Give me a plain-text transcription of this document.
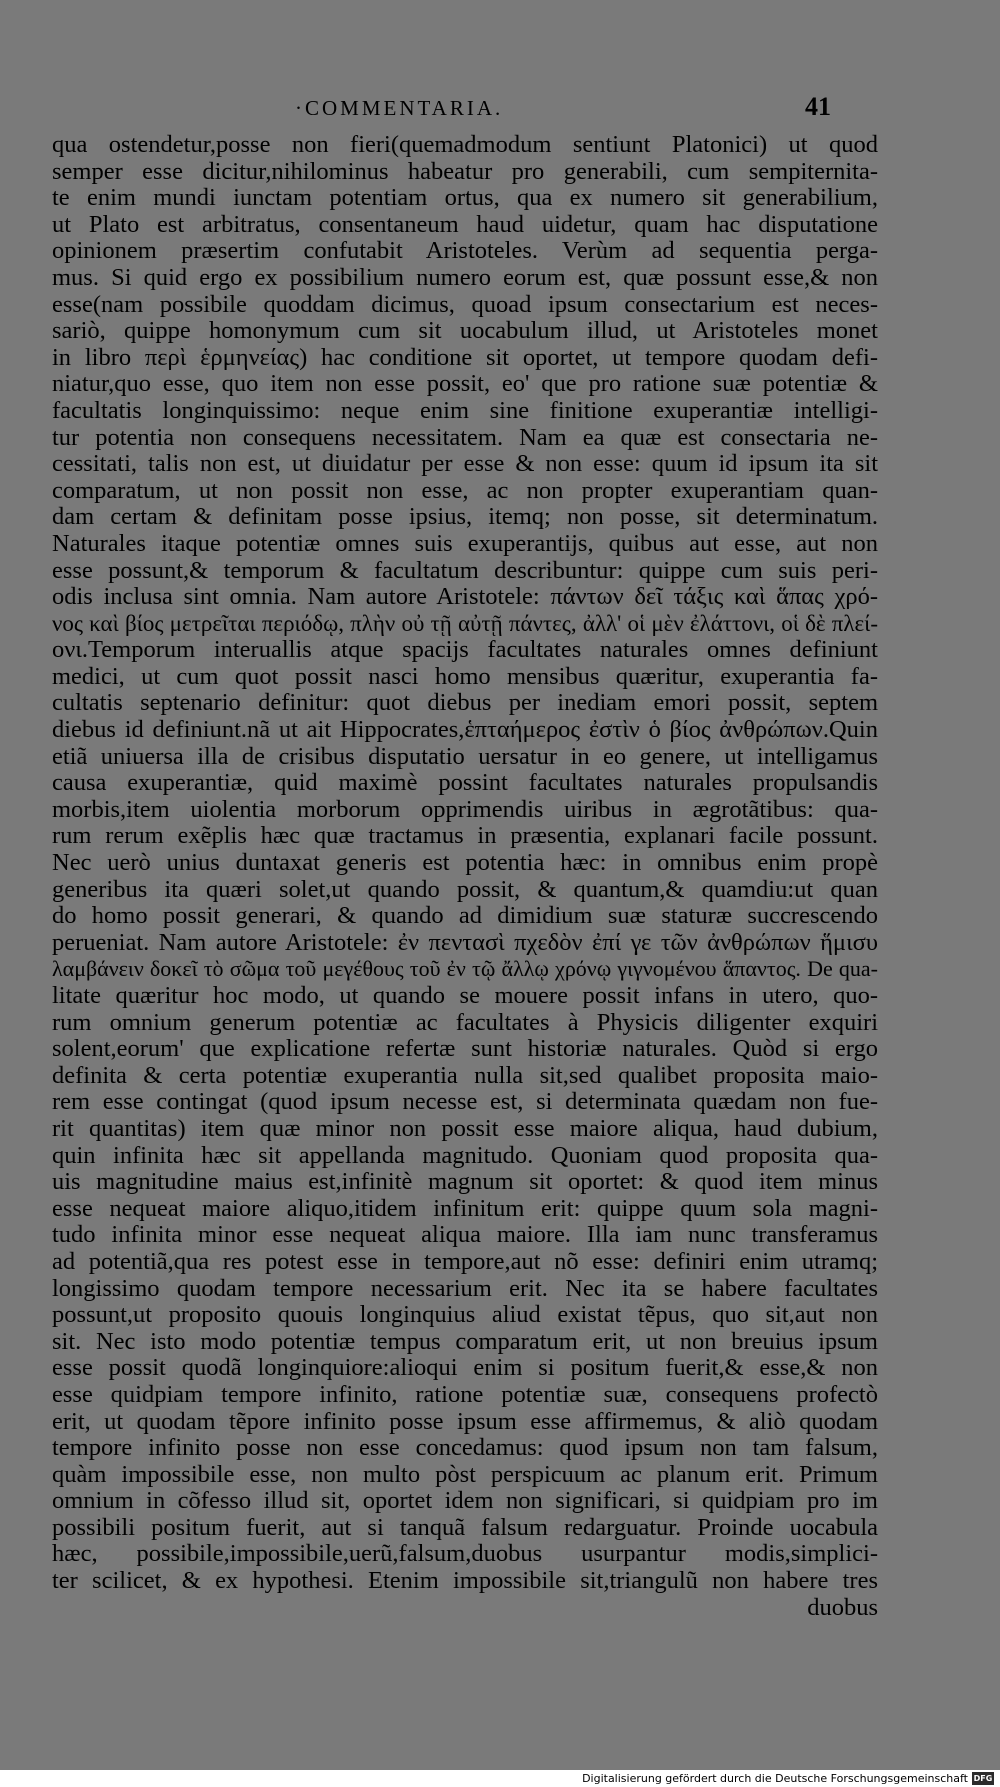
·COMMENTARIA.	41
qua ostendetur,posse non fieri(quemadmodum sentiunt Platonici) ut quod
semper esse dicitur,nihilominus habeatur pro generabili, cum sempiternita-
te enim mundi iunctam potentiam ortus, qua ex numero sit generabilium,
ut Plato est arbitratus, consentaneum haud uidetur, quam hac disputatione
opinionem præsertim confutabit Aristoteles. Verùm ad sequentia perga-
mus. Si quid ergo ex possibilium numero eorum est, quæ possunt esse,& non
esse(nam possibile quoddam dicimus, quoad ipsum consectarium est neces-
sariò, quippe homonymum cum sit uocabulum illud, ut Aristoteles monet
in libro περὶ ἑρμηνείας) hac conditione sit oportet, ut tempore quodam defi-
niatur,quo esse, quo item non esse possit, eo' que pro ratione suæ potentiæ &
facultatis longinquissimo: neque enim sine finitione exuperantiæ intelligi-
tur potentia non consequens necessitatem. Nam ea quæ est consectaria ne-
cessitati, talis non est, ut diuidatur per esse & non esse: quum id ipsum ita sit
comparatum, ut non possit non esse, ac non propter exuperantiam quan-
dam certam & definitam posse ipsius, itemq; non posse, sit determinatum.
Naturales itaque potentiæ omnes suis exuperantijs, quibus aut esse, aut non
esse possunt,& temporum & facultatum describuntur: quippe cum suis peri-
odis inclusa sint omnia. Nam autore Aristotele: πάντων δεῖ τάξις καὶ ἅπας χρό-
νος καὶ βίος μετρεῖται περιόδῳ, πλὴν οὐ τῇ αὐτῇ πάντες, ἀλλ' οἱ μὲν ἐλάττονι, οἱ δὲ πλεί-
ονι.Temporum interuallis atque spacijs facultates naturales omnes definiunt
medici, ut cum quot possit nasci homo mensibus quæritur, exuperantia fa-
cultatis septenario definitur: quot diebus per inediam emori possit, septem
diebus id definiunt.nã ut ait Hippocrates,ἑπταήμερος ἐστὶν ὁ βίος ἀνθρώπων.Quin
etiã uniuersa illa de crisibus disputatio uersatur in eo genere, ut intelligamus
causa exuperantiæ, quid maximè possint facultates naturales propulsandis
morbis,item uiolentia morborum opprimendis uiribus in ægrotãtibus: qua-
rum rerum exẽplis hæc quæ tractamus in præsentia, explanari facile possunt.
Nec uerò unius duntaxat generis est potentia hæc: in omnibus enim propè
generibus ita quæri solet,ut quando possit, & quantum,& quamdiu:ut quan
do homo possit generari, & quando ad dimidium suæ staturæ succrescendo
perueniat. Nam autore Aristotele: ἐν πεντασὶ πχεδὸν ἐπί γε τῶν ἀνθρώπων ἥμισυ
λαμβάνειν δοκεῖ τὸ σῶμα τοῦ μεγέθους τοῦ ἐν τῷ ἄλλῳ χρόνῳ γιγνομένου ἅπαντος. De qua-
litate quæritur hoc modo, ut quando se mouere possit infans in utero, quo-
rum omnium generum potentiæ ac facultates à Physicis diligenter exquiri
solent,eorum' que explicatione refertæ sunt historiæ naturales. Quòd si ergo
definita & certa potentiæ exuperantia nulla sit,sed qualibet proposita maio-
rem esse contingat (quod ipsum necesse est, si determinata quædam non fue-
rit quantitas) item quæ minor non possit esse maiore aliqua, haud dubium,
quin infinita hæc sit appellanda magnitudo. Quoniam quod proposita qua-
uis magnitudine maius est,infinitè magnum sit oportet: & quod item minus
esse nequeat maiore aliquo,itidem infinitum erit: quippe quum sola magni-
tudo infinita minor esse nequeat aliqua maiore. Illa iam nunc transferamus
ad potentiã,qua res potest esse in tempore,aut nõ esse: definiri enim utramq;
longissimo quodam tempore necessarium erit. Nec ita se habere facultates
possunt,ut proposito quouis longinquius aliud existat tẽpus, quo sit,aut non
sit. Nec isto modo potentiæ tempus comparatum erit, ut non breuius ipsum
esse possit quodã longinquiore:alioqui enim si positum fuerit,& esse,& non
esse quidpiam tempore infinito, ratione potentiæ suæ, consequens profectò
erit, ut quodam tẽpore infinito posse ipsum esse affirmemus, & aliò quodam
tempore infinito posse non esse concedamus: quod ipsum non tam falsum,
quàm impossibile esse, non multo pòst perspicuum ac planum erit. Primum
omnium in cõfesso illud sit, oportet idem non significari, si quidpiam pro im
possibili positum fuerit, aut si tanquã falsum redarguatur. Proinde uocabula
hæc, possibile,impossibile,uerũ,falsum,duobus usurpantur modis,simplici-
ter scilicet, & ex hypothesi. Etenim impossibile sit,triangulũ non habere tres
duobus
Digitalisierung gefördert durch die Deutsche Forschungsgemeinschaft DFG
